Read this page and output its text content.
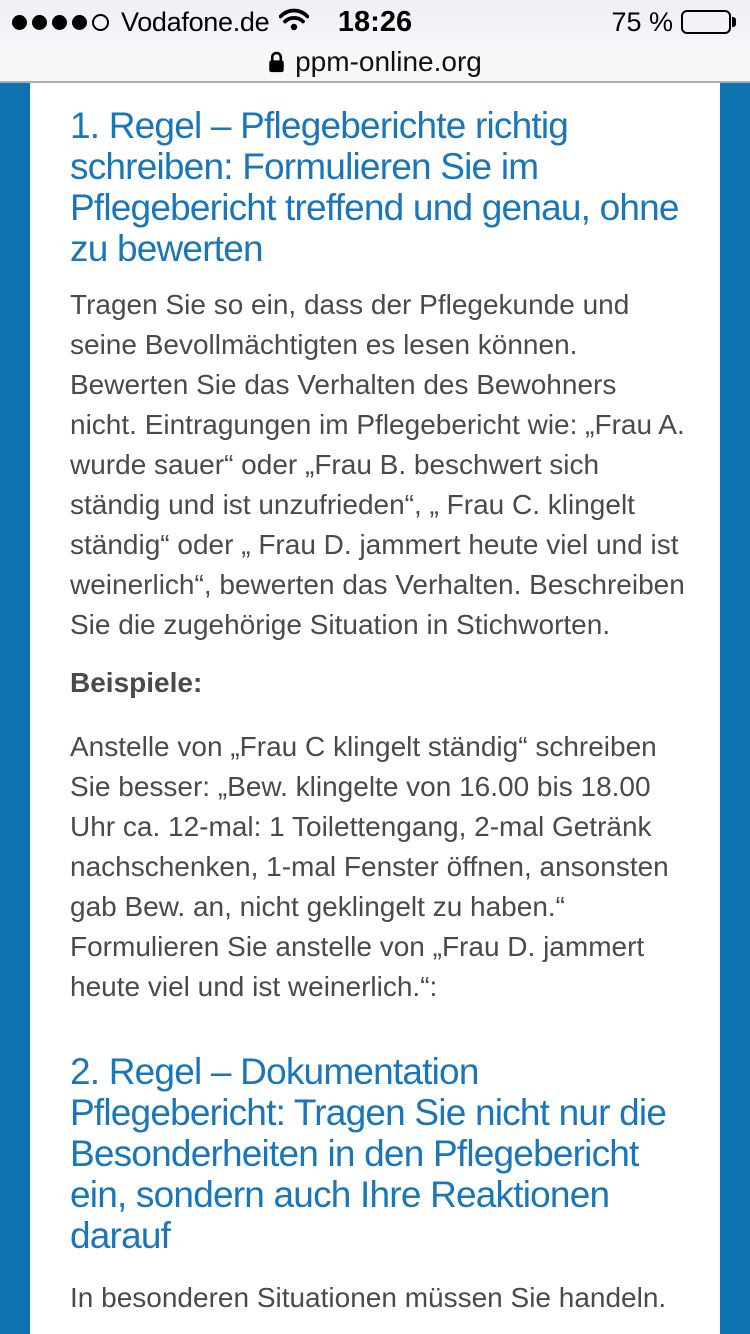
Vodafone.de	18:26	75 %
ppm-online.org
1. Regel – Pflegeberichte richtig schreiben: Formulieren Sie im Pflegebericht treffend und genau, ohne zu bewerten

Tragen Sie so ein, dass der Pflegekunde und seine Bevollmächtigten es lesen können. Bewerten Sie das Verhalten des Bewohners nicht. Eintragungen im Pflegebericht wie: „Frau A. wurde sauer“ oder „Frau B. beschwert sich ständig und ist unzufrieden“, „ Frau C. klingelt ständig“ oder „ Frau D. jammert heute viel und ist weinerlich“, bewerten das Verhalten. Beschreiben Sie die zugehörige Situation in Stichworten.

Beispiele:

Anstelle von „Frau C klingelt ständig“ schreiben Sie besser: „Bew. klingelte von 16.00 bis 18.00 Uhr ca. 12-mal: 1 Toilettengang, 2-mal Getränk nachschenken, 1-mal Fenster öffnen, ansonsten gab Bew. an, nicht geklingelt zu haben.“ Formulieren Sie anstelle von „Frau D. jammert heute viel und ist weinerlich.“:

2. Regel – Dokumentation Pflegebericht: Tragen Sie nicht nur die Besonderheiten in den Pflegebericht ein, sondern auch Ihre Reaktionen darauf

In besonderen Situationen müssen Sie handeln.
